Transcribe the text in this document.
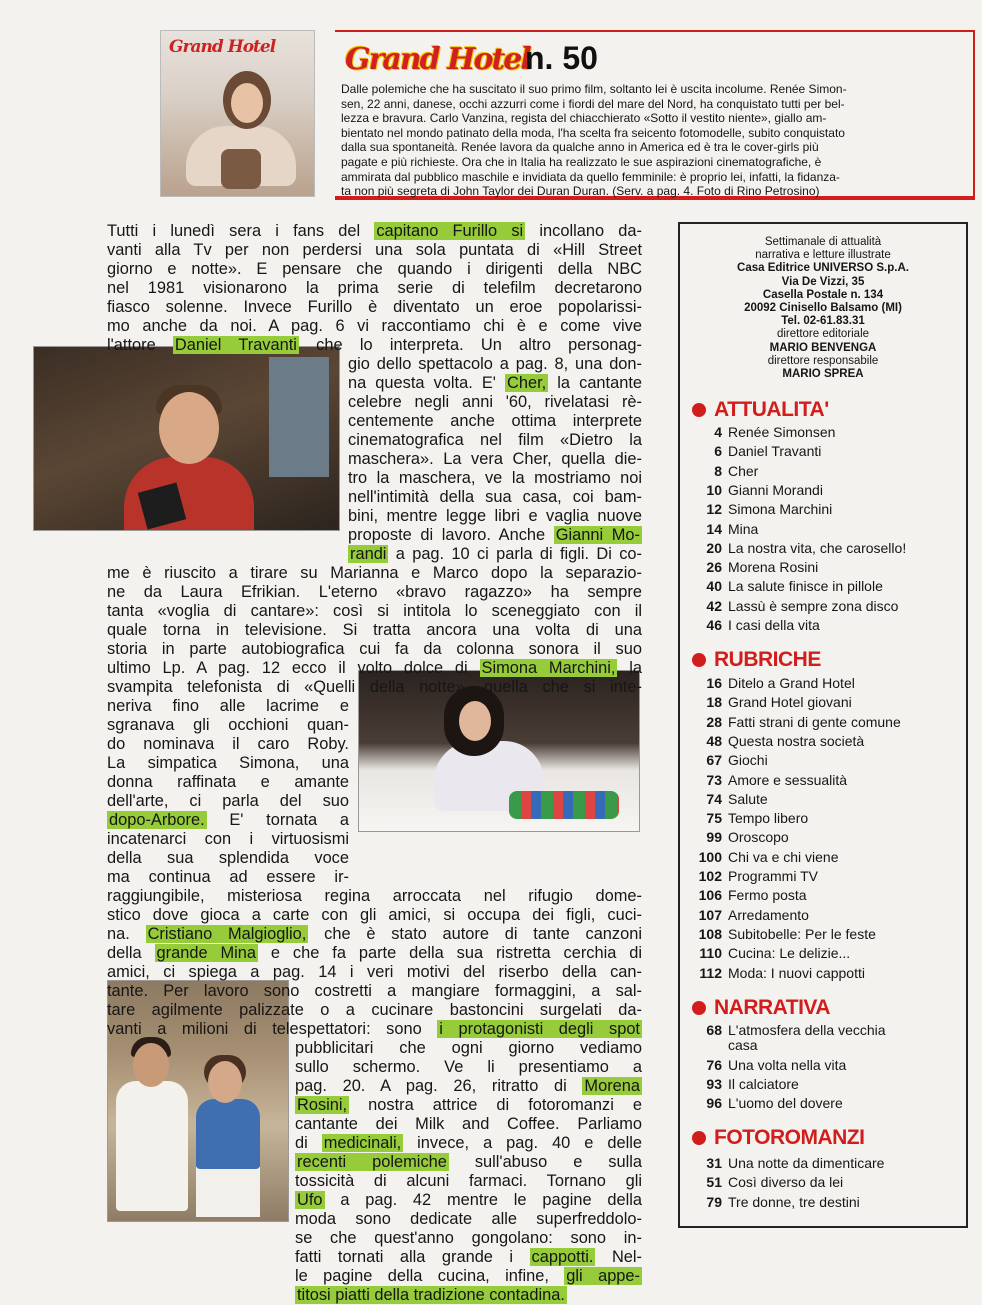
Grand Hotel Grand Hotel
n. 50
Dalle polemiche che ha suscitato il suo primo film, soltanto lei è uscita incolume. Renée Simon-
sen, 22 anni, danese, occhi azzurri come i fiordi del mare del Nord, ha conquistato tutti per bel-
lezza e bravura. Carlo Vanzina, regista del chiacchierato «Sotto il vestito niente», giallo am-
bientato nel mondo patinato della moda, l'ha scelta fra seicento fotomodelle, subito conquistato
dalla sua spontaneità. Renée lavora da qualche anno in America ed è tra le cover-girls più
pagate e più richieste. Ora che in Italia ha realizzato le sue aspirazioni cinematografiche, è
ammirata dal pubblico maschile e invidiata da quello femminile: è proprio lei, infatti, la fidanza-
ta non più segreta di John Taylor dei Duran Duran. (Serv. a pag. 4. Foto di Rino Petrosino)
Tutti i lunedì sera i fans del capitano Furillo si incollano da-
vanti alla Tv per non perdersi una sola puntata di «Hill Street
giorno e notte». E pensare che quando i dirigenti della NBC
nel 1981 visionarono la prima serie di telefilm decretarono
fiasco solenne. Invece Furillo è diventato un eroe popolarissi-
mo anche da noi. A pag. 6 vi raccontiamo chi è e come vive
l'attore Daniel Travanti che lo interpreta. Un altro personag-
gio dello spettacolo a pag. 8, una don-
na questa volta. E' Cher, la cantante
celebre negli anni '60, rivelatasi rè-
centemente anche ottima interprete
cinematografica nel film «Dietro la
maschera». La vera Cher, quella die-
tro la maschera, ve la mostriamo noi
nell'intimità della sua casa, coi bam-
bini, mentre legge libri e vaglia nuove
proposte di lavoro. Anche Gianni Mo-
randi a pag. 10 ci parla di figli. Di co-
me è riuscito a tirare su Marianna e Marco dopo la separazio-
ne da Laura Efrikian. L'eterno «bravo ragazzo» ha sempre
tanta «voglia di cantare»: così si intitola lo sceneggiato con il
quale torna in televisione. Si tratta ancora una volta di una
storia in parte autobiografica cui fa da colonna sonora il suo
ultimo Lp. A pag. 12 ecco il volto dolce di Simona Marchini, la
svampita telefonista di «Quelli della notte», quella che si inte-
neriva fino alle lacrime e
sgranava gli occhioni quan-
do nominava il caro Roby.
La simpatica Simona, una
donna raffinata e amante
dell'arte, ci parla del suo
dopo-Arbore. E' tornata a
incatenarci con i virtuosismi
della sua splendida voce
ma continua ad essere ir-
raggiungibile, misteriosa regina arroccata nel rifugio dome-
stico dove gioca a carte con gli amici, si occupa dei figli, cuci-
na. Cristiano Malgioglio, che è stato autore di tante canzoni
della grande Mina e che fa parte della sua ristretta cerchia di
amici, ci spiega a pag. 14 i veri motivi del riserbo della can-
tante. Per lavoro sono costretti a mangiare formaggini, a sal-
tare agilmente palizzate o a cucinare bastoncini surgelati da-
vanti a milioni di telespettatori: sono i protagonisti degli spot
pubblicitari che ogni giorno vediamo
sullo schermo. Ve li presentiamo a
pag. 20. A pag. 26, ritratto di Morena
Rosini, nostra attrice di fotoromanzi e
cantante dei Milk and Coffee. Parliamo
di medicinali, invece, a pag. 40 e delle
recenti polemiche sull'abuso e sulla
tossicità di alcuni farmaci. Tornano gli
Ufo a pag. 42 mentre le pagine della
moda sono dedicate alle superfreddolo-
se che quest'anno gongolano: sono in-
fatti tornati alla grande i cappotti. Nel-
le pagine della cucina, infine, gli appe-
titosi piatti della tradizione contadina.
Settimanale di attualità
narrativa e letture illustrate
Casa Editrice UNIVERSO S.p.A.
Via De Vizzi, 35
Casella Postale n. 134
20092 Cinisello Balsamo (MI)
Tel. 02-61.83.31
direttore editoriale
MARIO BENVENGA
direttore responsabile
MARIO SPREA
ATTUALITA'
4 Renée Simonsen
6 Daniel Travanti
8 Cher
10 Gianni Morandi
12 Simona Marchini
14 Mina
20 La nostra vita, che carosello!
26 Morena Rosini
40 La salute finisce in pillole
42 Lassù è sempre zona disco
46 I casi della vita
RUBRICHE
16 Ditelo a Grand Hotel
18 Grand Hotel giovani
28 Fatti strani di gente comune
48 Questa nostra società
67 Giochi
73 Amore e sessualità
74 Salute
75 Tempo libero
99 Oroscopo
100 Chi va e chi viene
102 Programmi TV
106 Fermo posta
107 Arredamento
108 Subitobelle: Per le feste
110 Cucina: Le delizie...
112 Moda: I nuovi cappotti
NARRATIVA
68 L'atmosfera della vecchia
casa
76 Una volta nella vita
93 Il calciatore
96 L'uomo del dovere
FOTOROMANZI
31 Una notte da dimenticare
51 Così diverso da lei
79 Tre donne, tre destini
